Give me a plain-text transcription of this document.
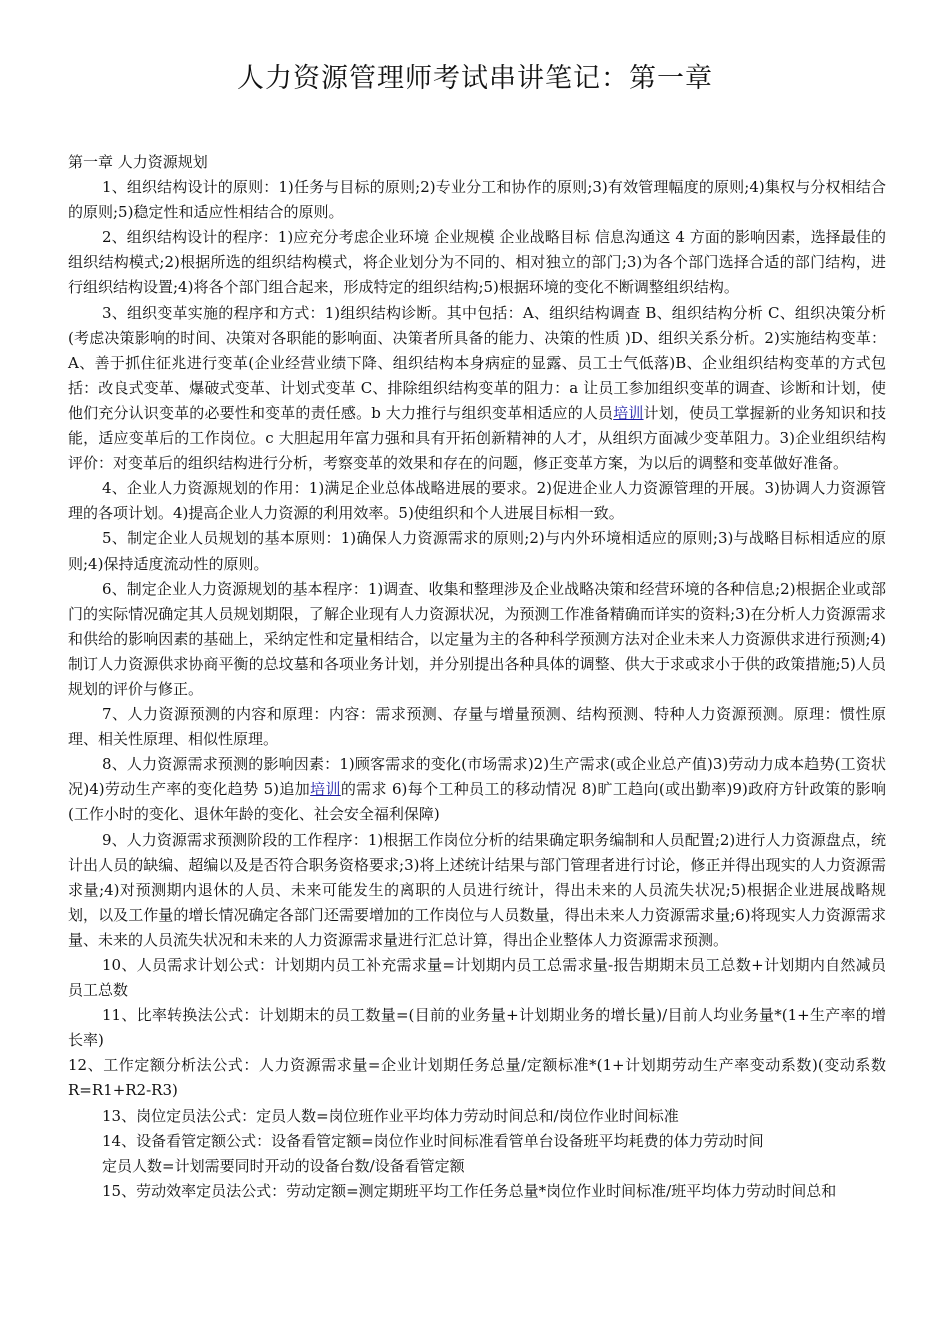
人力资源管理师考试串讲笔记：第一章

第一章 人力资源规划

1、组织结构设计的原则：1)任务与目标的原则;2)专业分工和协作的原则;3)有效管理幅度的原则;4)集权与分权相结合的原则;5)稳定性和适应性相结合的原则。

2、组织结构设计的程序：1)应充分考虑企业环境 企业规模 企业战略目标 信息沟通这 4 方面的影响因素，选择最佳的组织结构模式;2)根据所选的组织结构模式，将企业划分为不同的、相对独立的部门;3)为各个部门选择合适的部门结构，进行组织结构设置;4)将各个部门组合起来，形成特定的组织结构;5)根据环境的变化不断调整组织结构。

3、组织变革实施的程序和方式：1)组织结构诊断。其中包括：A、组织结构调查 B、组织结构分析 C、组织决策分析(考虑决策影响的时间、决策对各职能的影响面、决策者所具备的能力、决策的性质 )D、组织关系分析。2)实施结构变革：A、善于抓住征兆进行变革(企业经营业绩下降、组织结构本身病症的显露、员工士气低落)B、企业组织结构变革的方式包括：改良式变革、爆破式变革、计划式变革 C、排除组织结构变革的阻力：a 让员工参加组织变革的调查、诊断和计划，使他们充分认识变革的必要性和变革的责任感。b 大力推行与组织变革相适应的人员培训计划，使员工掌握新的业务知识和技能，适应变革后的工作岗位。c 大胆起用年富力强和具有开拓创新精神的人才，从组织方面减少变革阻力。3)企业组织结构评价：对变革后的组织结构进行分析，考察变革的效果和存在的问题，修正变革方案，为以后的调整和变革做好准备。

4、企业人力资源规划的作用：1)满足企业总体战略进展的要求。2)促进企业人力资源管理的开展。3)协调人力资源管理的各项计划。4)提高企业人力资源的利用效率。5)使组织和个人进展目标相一致。

5、制定企业人员规划的基本原则：1)确保人力资源需求的原则;2)与内外环境相适应的原则;3)与战略目标相适应的原则;4)保持适度流动性的原则。

6、制定企业人力资源规划的基本程序：1)调查、收集和整理涉及企业战略决策和经营环境的各种信息;2)根据企业或部门的实际情况确定其人员规划期限，了解企业现有人力资源状况，为预测工作准备精确而详实的资料;3)在分析人力资源需求和供给的影响因素的基础上，采纳定性和定量相结合，以定量为主的各种科学预测方法对企业未来人力资源供求进行预测;4)制订人力资源供求协商平衡的总坟墓和各项业务计划，并分别提出各种具体的调整、供大于求或求小于供的政策措施;5)人员规划的评价与修正。

7、人力资源预测的内容和原理：内容：需求预测、存量与增量预测、结构预测、特种人力资源预测。原理：惯性原理、相关性原理、相似性原理。

8、人力资源需求预测的影响因素：1)顾客需求的变化(市场需求)2)生产需求(或企业总产值)3)劳动力成本趋势(工资状况)4)劳动生产率的变化趋势 5)追加培训的需求 6)每个工种员工的移动情况 8)旷工趋向(或出勤率)9)政府方针政策的影响(工作小时的变化、退休年龄的变化、社会安全福利保障)

9、人力资源需求预测阶段的工作程序：1)根据工作岗位分析的结果确定职务编制和人员配置;2)进行人力资源盘点，统计出人员的缺编、超编以及是否符合职务资格要求;3)将上述统计结果与部门管理者进行讨论，修正并得出现实的人力资源需求量;4)对预测期内退休的人员、未来可能发生的离职的人员进行统计，得出未来的人员流失状况;5)根据企业进展战略规划，以及工作量的增长情况确定各部门还需要增加的工作岗位与人员数量，得出未来人力资源需求量;6)将现实人力资源需求量、未来的人员流失状况和未来的人力资源需求量进行汇总计算，得出企业整体人力资源需求预测。

10、人员需求计划公式：计划期内员工补充需求量=计划期内员工总需求量-报告期期末员工总数+计划期内自然减员员工总数

11、比率转换法公式：计划期末的员工数量=(目前的业务量+计划期业务的增长量)/目前人均业务量*(1+生产率的增长率)

12、工作定额分析法公式：人力资源需求量=企业计划期任务总量/定额标准*(1+计划期劳动生产率变动系数)(变动系数 R=R1+R2-R3)

13、岗位定员法公式：定员人数=岗位班作业平均体力劳动时间总和/岗位作业时间标准

14、设备看管定额公式：设备看管定额=岗位作业时间标准看管单台设备班平均耗费的体力劳动时间

定员人数=计划需要同时开动的设备台数/设备看管定额

15、劳动效率定员法公式：劳动定额=测定期班平均工作任务总量*岗位作业时间标准/班平均体力劳动时间总和
